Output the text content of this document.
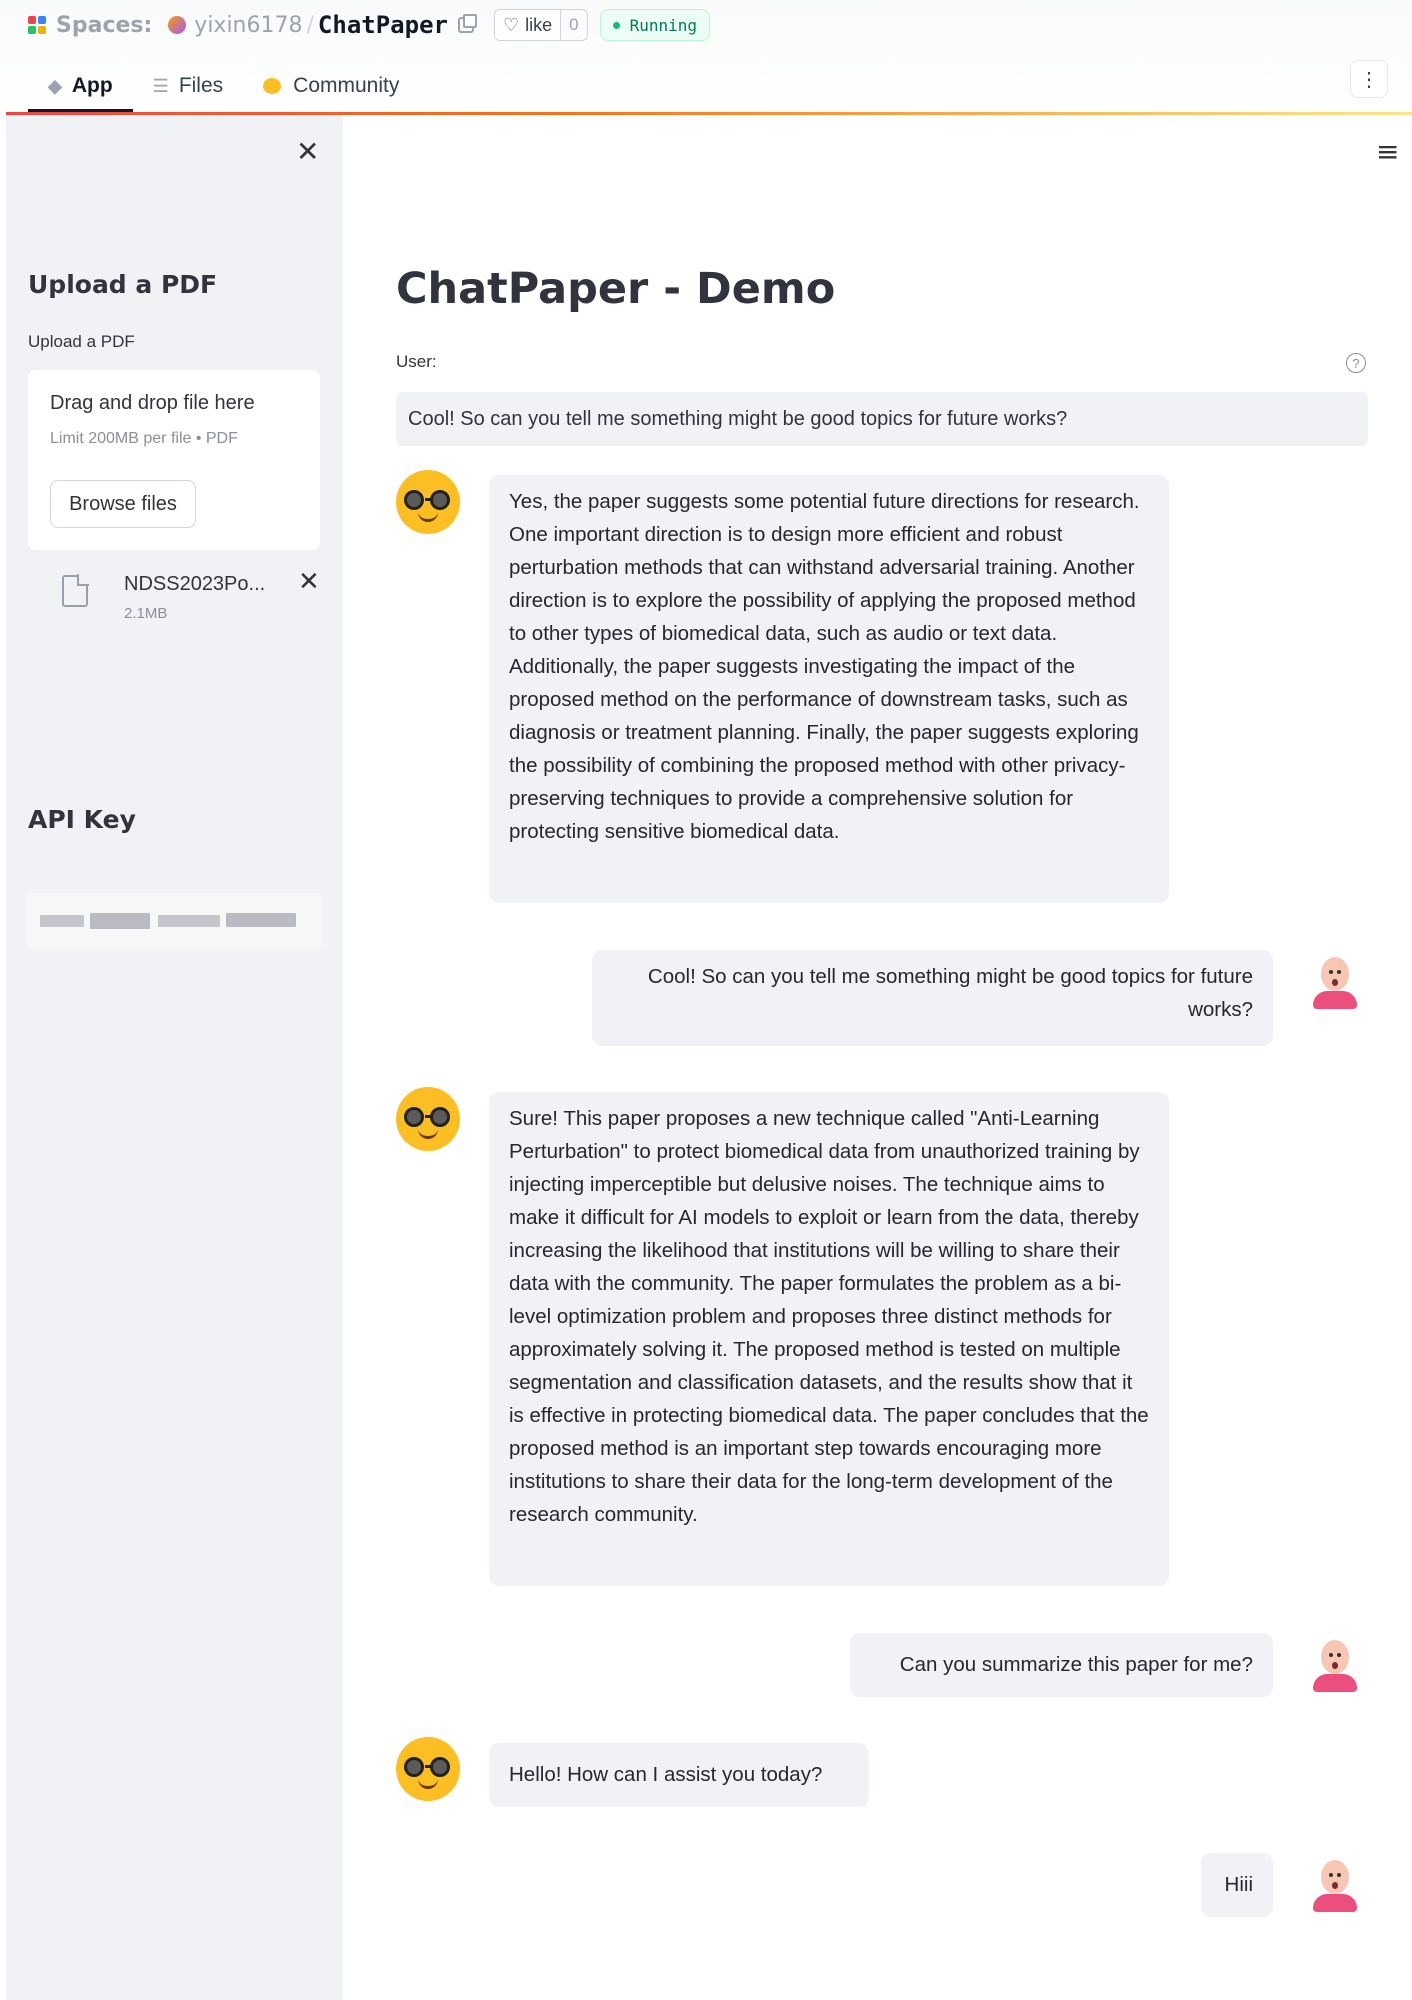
Spaces: yixin6178 / ChatPaper	♡ like	0	Running
◆ App ☰ Files	Community	⋮
✕
Upload a PDF
Upload a PDF
Drag and drop file here
Limit 200MB per file • PDF
Browse files
NDSS2023Po...
2.1MB
✕
API Key
≡
ChatPaper - Demo
User:	?
Cool! So can you tell me something might be good topics for future works?
Yes, the paper suggests some potential future directions for research. One important direction is to design more efficient and robust perturbation methods that can withstand adversarial training. Another direction is to explore the possibility of applying the proposed method to other types of biomedical data, such as audio or text data. Additionally, the paper suggests investigating the impact of the proposed method on the performance of downstream tasks, such as diagnosis or treatment planning. Finally, the paper suggests exploring the possibility of combining the proposed method with other privacy-preserving techniques to provide a comprehensive solution for protecting sensitive biomedical data.
Cool! So can you tell me something might be good topics for future works?
Sure! This paper proposes a new technique called "Anti-Learning Perturbation" to protect biomedical data from unauthorized training by injecting imperceptible but delusive noises. The technique aims to make it difficult for AI models to exploit or learn from the data, thereby increasing the likelihood that institutions will be willing to share their data with the community. The paper formulates the problem as a bi-level optimization problem and proposes three distinct methods for approximately solving it. The proposed method is tested on multiple segmentation and classification datasets, and the results show that it is effective in protecting biomedical data. The paper concludes that the proposed method is an important step towards encouraging more institutions to share their data for the long-term development of the research community.
Can you summarize this paper for me?
Hello! How can I assist you today?
Hiii
